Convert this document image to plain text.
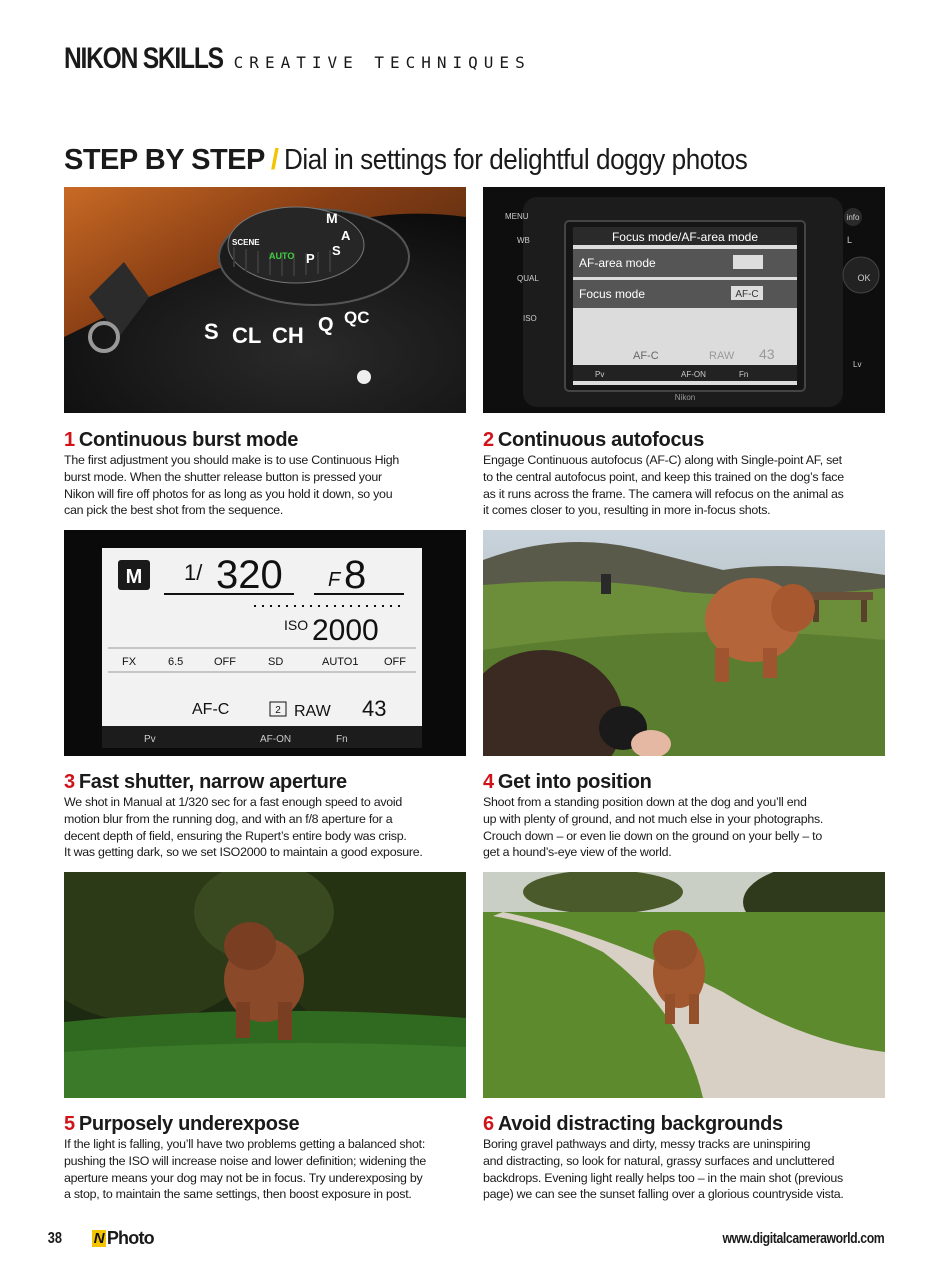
NIKON SKILLS CREATIVE TECHNIQUES
STEP BY STEP / Dial in settings for delightful doggy photos
M
A
S
P
AUTO
SCENE
S CL CH Q QC
Focus mode/AF-area mode
AF-area mode
Focus mode	AF-C
AF-C	RAW 43
Pv	AF-ON	Fn
MENU
WB
QUAL
ISO
info
L
OK
Lv
Nikon
M 1/ 320 F 8
ISO 2000
FX	6.5	OFF	SD	AUTO1 OFF
AF-C	2 RAW 43
Pv	AF-ON	Fn
1 Continuous burst mode

The first adjustment you should make is to use Continuous High
burst mode. When the shutter release button is pressed your
Nikon will fire off photos for as long as you hold it down, so you
can pick the best shot from the sequence.

2 Continuous autofocus

Engage Continuous autofocus (AF-C) along with Single-point AF, set
to the central autofocus point, and keep this trained on the dog’s face
as it runs across the frame. The camera will refocus on the animal as
it comes closer to you, resulting in more in-focus shots.

3 Fast shutter, narrow aperture

We shot in Manual at 1/320 sec for a fast enough speed to avoid
motion blur from the running dog, and with an f/8 aperture for a
decent depth of field, ensuring the Rupert’s entire body was crisp.
It was getting dark, so we set ISO2000 to maintain a good exposure.

4 Get into position

Shoot from a standing position down at the dog and you’ll end
up with plenty of ground, and not much else in your photographs.
Crouch down – or even lie down on the ground on your belly – to
get a hound’s-eye view of the world.

5 Purposely underexpose

If the light is falling, you’ll have two problems getting a balanced shot:
pushing the ISO will increase noise and lower definition; widening the
aperture means your dog may not be in focus. Try underexposing by
a stop, to maintain the same settings, then boost exposure in post.

6 Avoid distracting backgrounds

Boring gravel pathways and dirty, messy tracks are uninspiring
and distracting, so look for natural, grassy surfaces and uncluttered
backdrops. Evening light really helps too – in the main shot (previous
page) we can see the sunset falling over a glorious countryside vista.

38 N Photo	www.digitalcameraworld.com
